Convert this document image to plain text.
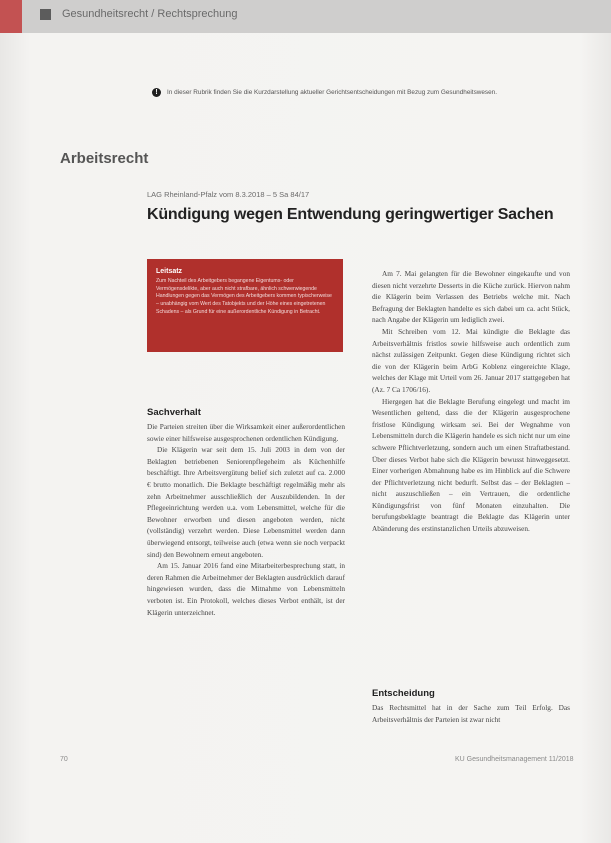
Gesundheitsrecht / Rechtsprechung
! In dieser Rubrik finden Sie die Kurzdarstellung aktueller Gerichtsentscheidungen mit Bezug zum Gesundheitswesen.
Arbeitsrecht
LAG Rheinland-Pfalz vom 8.3.2018 – 5 Sa 84/17
Kündigung wegen Entwendung geringwertiger Sachen
Leitsatz
Zum Nachteil des Arbeitgebers begangene Eigentums- oder Vermögensdelikte, aber auch nicht strafbare, ähnlich schwerwiegende Handlungen gegen das Vermögen des Arbeitgebers kommen typischerweise – unabhängig vom Wert des Tatobjekts und der Höhe eines eingetretenen Schadens – als Grund für eine außerordentliche Kündigung in Betracht.
Sachverhalt

Die Parteien streiten über die Wirksamkeit einer außerordentlichen sowie einer hilfsweise ausgesprochenen ordentlichen Kündigung.

Die Klägerin war seit dem 15. Juli 2003 in dem von der Beklagten betriebenen Seniorenpflegeheim als Küchenhilfe beschäftigt. Ihre Arbeitsvergütung belief sich zuletzt auf ca. 2.000 € brutto monatlich. Die Beklagte beschäftigt regelmäßig mehr als zehn Arbeitnehmer ausschließlich der Auszubildenden. In der Pflegeeinrichtung werden u.a. vom Lebensmittel, welche für die Bewohner erworben und diesen angeboten werden, nicht (vollständig) verzehrt werden. Diese Lebensmittel werden dann überwiegend entsorgt, teilweise auch (etwa wenn sie noch verpackt sind) den Bewohnern erneut angeboten.

Am 15. Januar 2016 fand eine Mitarbeiterbesprechung statt, in deren Rahmen die Arbeitnehmer der Beklagten ausdrücklich darauf hingewiesen wurden, dass die Mitnahme von Lebensmitteln verboten ist. Ein Protokoll, welches dieses Verbot enthält, ist der Klägerin unterzeichnet.

Am 7. Mai gelangten für die Bewohner eingekaufte und von diesen nicht verzehrte Desserts in die Küche zurück. Hiervon nahm die Klägerin beim Verlassen des Betriebs welche mit. Nach Befragung der Beklagten handelte es sich dabei um ca. acht Stück, nach Angabe der Klägerin um lediglich zwei.

Mit Schreiben vom 12. Mai kündigte die Beklagte das Arbeitsverhältnis fristlos sowie hilfsweise auch ordentlich zum nächst zulässigen Zeitpunkt. Gegen diese Kündigung richtet sich die von der Klägerin beim ArbG Koblenz eingereichte Klage, welches der Klage mit Urteil vom 26. Januar 2017 stattgegeben hat (Az. 7 Ca 1706/16).

Hiergegen hat die Beklagte Berufung eingelegt und macht im Wesentlichen geltend, dass die der Klägerin ausgesprochene fristlose Kündigung wirksam sei. Bei der Wegnahme von Lebensmitteln durch die Klägerin handele es sich nicht nur um eine schwere Pflichtverletzung, sondern auch um einen Straftatbestand. Über dieses Verbot habe sich die Klägerin bewusst hinweggesetzt. Einer vorherigen Abmahnung habe es im Hinblick auf die Schwere der Pflichtverletzung nicht bedurft. Selbst das – der Beklagten – nicht auszuschließen – ein Vertrauen, die ordentliche Kündigungsfrist von fünf Monaten einzuhalten. Die berufungsbeklagte beantragt die Beklagte das Klägerin unter Abänderung des erstinstanzlichen Urteils abzuweisen.

Entscheidung

Das Rechtsmittel hat in der Sache zum Teil Erfolg. Das Arbeitsverhältnis der Parteien ist zwar nicht

70	KU Gesundheitsmanagement 11/2018
